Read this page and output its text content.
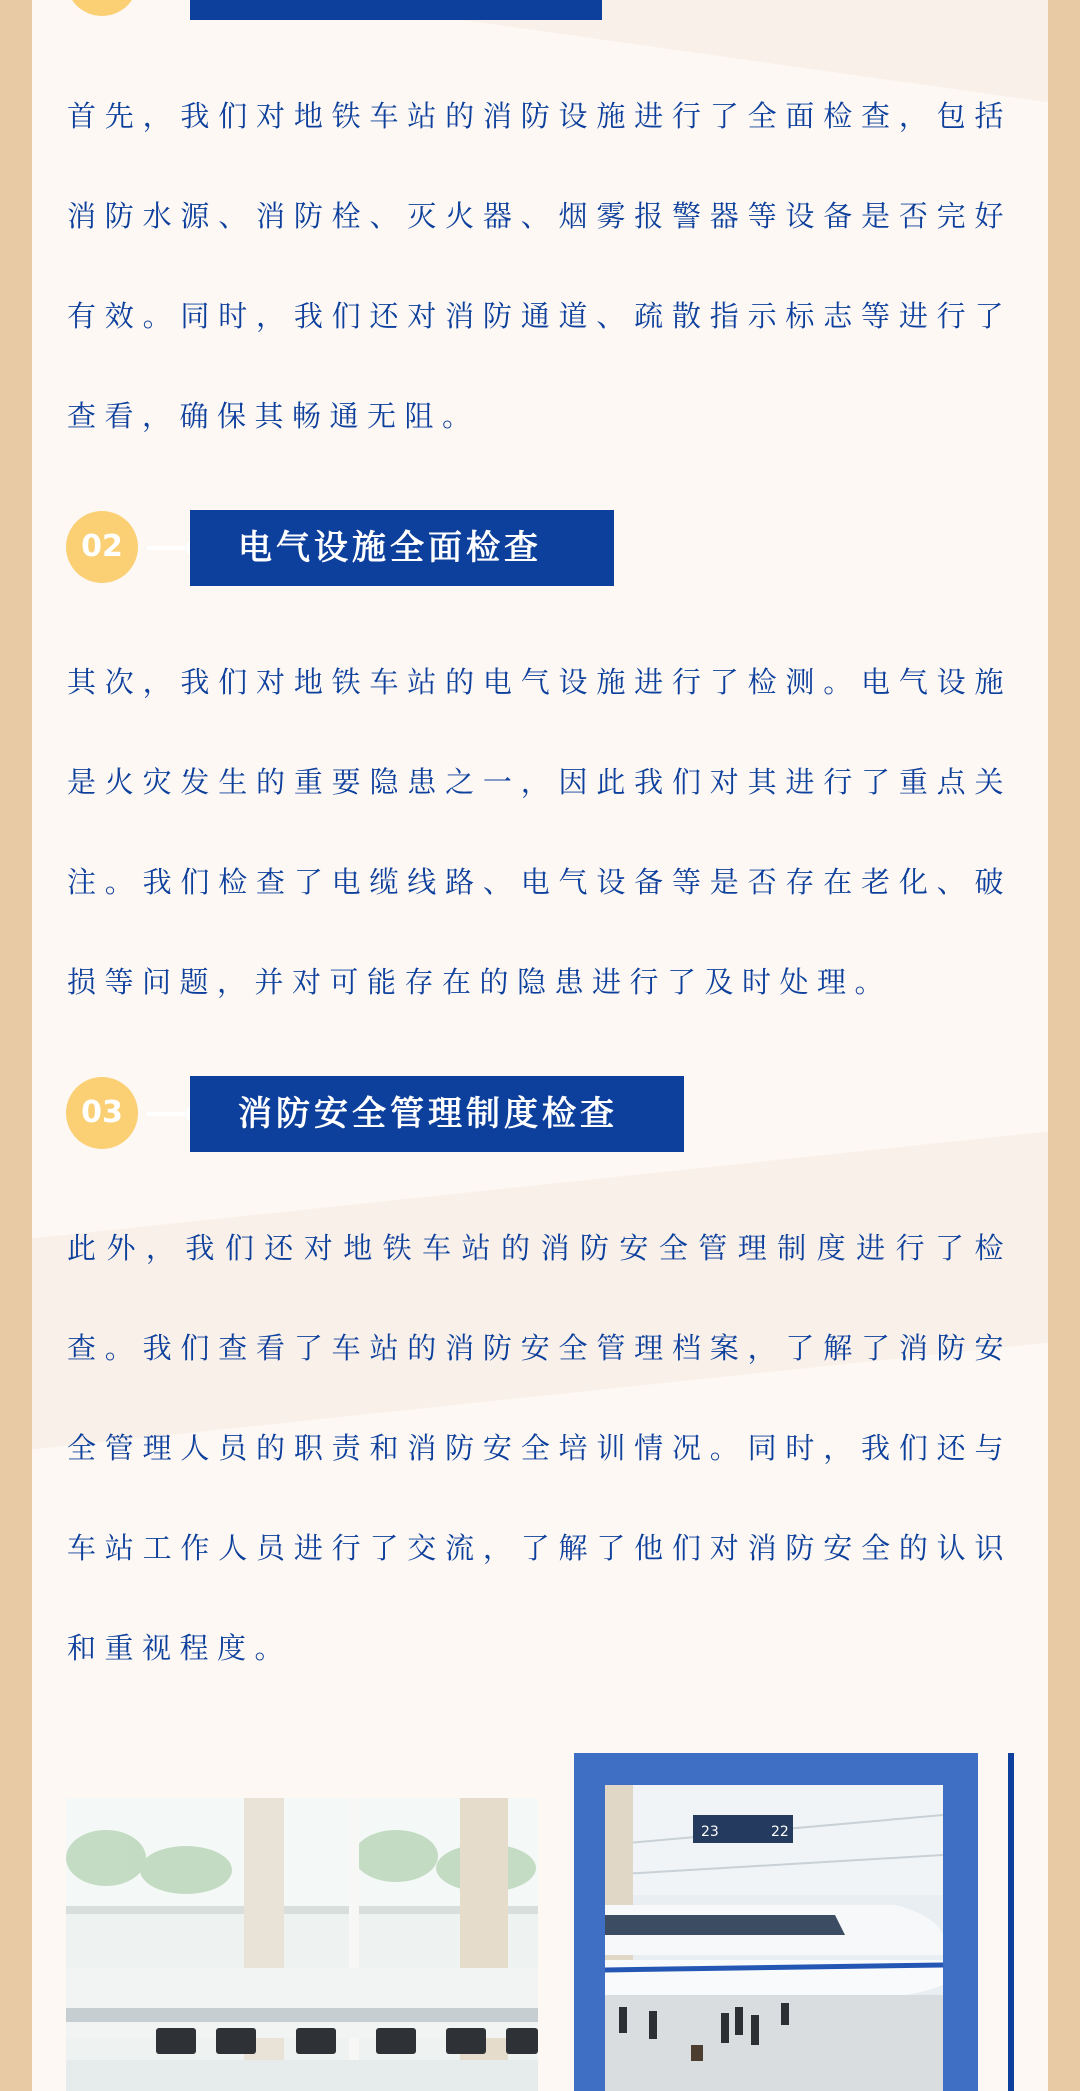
首先，我们对地铁车站的消防设施进行了全面检查，包括消防水源、消防栓、灭火器、烟雾报警器等设备是否完好有效。同时，我们还对消防通道、疏散指示标志等进行了查看，确保其畅通无阻。

02	电气设施全面检查

其次，我们对地铁车站的电气设施进行了检测。电气设施是火灾发生的重要隐患之一，因此我们对其进行了重点关注。我们检查了电缆线路、电气设备等是否存在老化、破损等问题，并对可能存在的隐患进行了及时处理。

03	消防安全管理制度检查

此外，我们还对地铁车站的消防安全管理制度进行了检查。我们查看了车站的消防安全管理档案，了解了消防安全管理人员的职责和消防安全培训情况。同时，我们还与车站工作人员进行了交流，了解了他们对消防安全的认识和重视程度。

23	22
